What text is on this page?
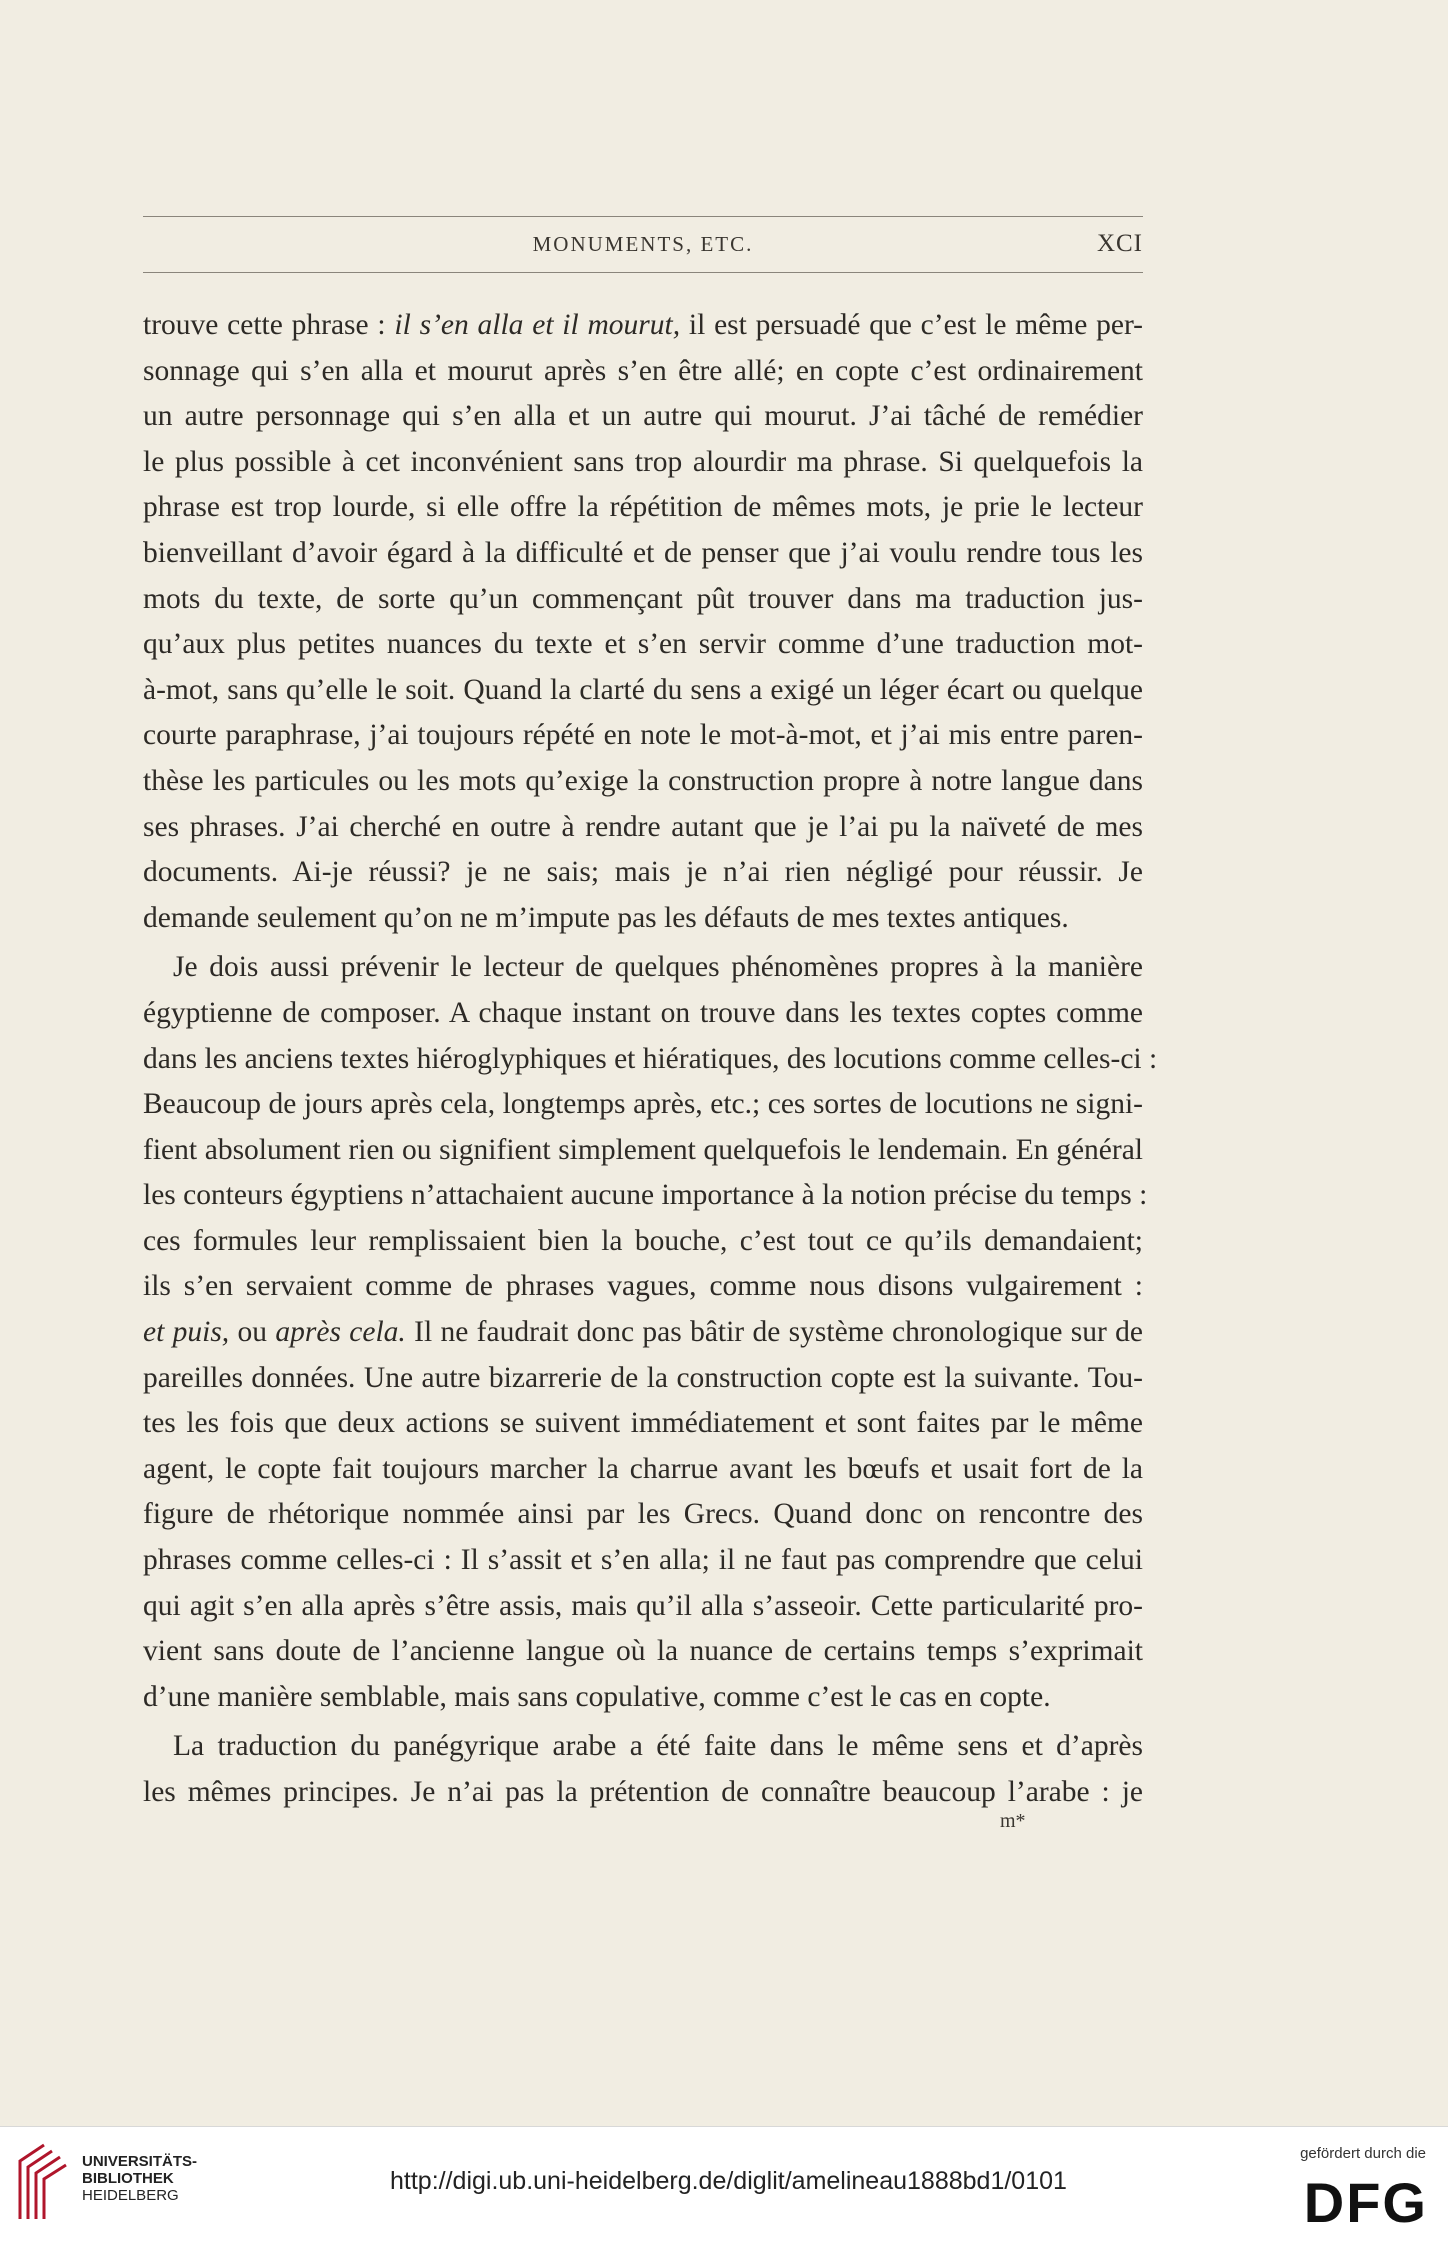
MONUMENTS, ETC.	XCI
trouve cette phrase : il s’en alla et il mourut, il est persuadé que c’est le même per-
sonnage qui s’en alla et mourut après s’en être allé; en copte c’est ordinairement
un autre personnage qui s’en alla et un autre qui mourut. J’ai tâché de remédier
le plus possible à cet inconvénient sans trop alourdir ma phrase. Si quelquefois la
phrase est trop lourde, si elle offre la répétition de mêmes mots, je prie le lecteur
bienveillant d’avoir égard à la difficulté et de penser que j’ai voulu rendre tous les
mots du texte, de sorte qu’un commençant pût trouver dans ma traduction jus-
qu’aux plus petites nuances du texte et s’en servir comme d’une traduction mot-
à-mot, sans qu’elle le soit. Quand la clarté du sens a exigé un léger écart ou quelque
courte paraphrase, j’ai toujours répété en note le mot-à-mot, et j’ai mis entre paren-
thèse les particules ou les mots qu’exige la construction propre à notre langue dans
ses phrases. J’ai cherché en outre à rendre autant que je l’ai pu la naïveté de mes
documents. Ai-je réussi? je ne sais; mais je n’ai rien négligé pour réussir. Je
demande seulement qu’on ne m’impute pas les défauts de mes textes antiques.
Je dois aussi prévenir le lecteur de quelques phénomènes propres à la manière
égyptienne de composer. A chaque instant on trouve dans les textes coptes comme
dans les anciens textes hiéroglyphiques et hiératiques, des locutions comme celles-ci :
Beaucoup de jours après cela, longtemps après, etc.; ces sortes de locutions ne signi-
fient absolument rien ou signifient simplement quelquefois le lendemain. En général
les conteurs égyptiens n’attachaient aucune importance à la notion précise du temps :
ces formules leur remplissaient bien la bouche, c’est tout ce qu’ils demandaient;
ils s’en servaient comme de phrases vagues, comme nous disons vulgairement :
et puis, ou après cela. Il ne faudrait donc pas bâtir de système chronologique sur de
pareilles données. Une autre bizarrerie de la construction copte est la suivante. Tou-
tes les fois que deux actions se suivent immédiatement et sont faites par le même
agent, le copte fait toujours marcher la charrue avant les bœufs et usait fort de la
figure de rhétorique nommée ainsi par les Grecs. Quand donc on rencontre des
phrases comme celles-ci : Il s’assit et s’en alla; il ne faut pas comprendre que celui
qui agit s’en alla après s’être assis, mais qu’il alla s’asseoir. Cette particularité pro-
vient sans doute de l’ancienne langue où la nuance de certains temps s’exprimait
d’une manière semblable, mais sans copulative, comme c’est le cas en copte.
La traduction du panégyrique arabe a été faite dans le même sens et d’après
les mêmes principes. Je n’ai pas la prétention de connaître beaucoup l’arabe : je
m*
UNIVERSITÄTS-
BIBLIOTHEK
HEIDELBERG
http://digi.ub.uni-heidelberg.de/diglit/amelineau1888bd1/0101
gefördert durch die
DFG
